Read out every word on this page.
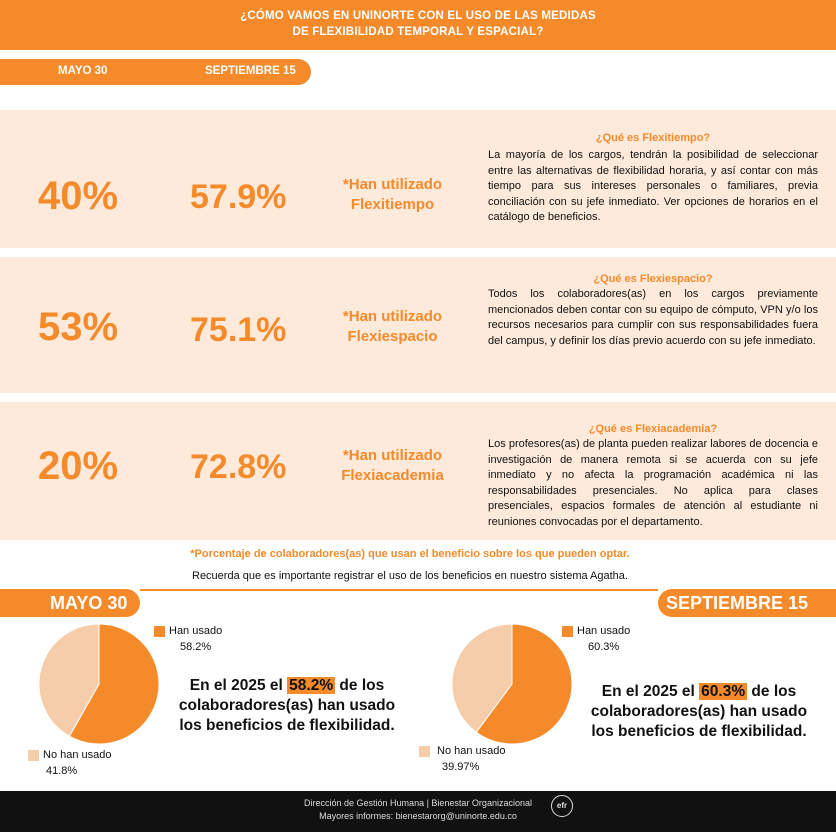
¿CÓMO VAMOS EN UNINORTE CON EL USO DE LAS MEDIDAS
DE FLEXIBILIDAD TEMPORAL Y ESPACIAL?
MAYO 30	SEPTIEMBRE 15
40% 57.9%	*Han utilizado
Flexitiempo
¿Qué es Flexitiempo?
La mayoría de los cargos, tendrán la posibilidad de seleccionar entre las alternativas de flexibilidad horaria, y así contar con más tiempo para sus intereses personales o familiares, previa conciliación con su jefe inmediato. Ver opciones de horarios en el catálogo de beneficios.
53% 75.1%	*Han utilizado
Flexiespacio
¿Qué es Flexiespacio?
Todos los colaboradores(as) en los cargos previamente mencionados deben contar con su equipo de cómputo, VPN y/o los recursos necesarios para cumplir con sus responsabilidades fuera del campus, y definir los días previo acuerdo con su jefe inmediato.
20% 72.8%	*Han utilizado
Flexiacademia
¿Qué es Flexiacademia?
Los profesores(as) de planta pueden realizar labores de docencia e investigación de manera remota si se acuerda con su jefe inmediato y no afecta la programación académica ni las responsabilidades presenciales. No aplica para clases presenciales, espacios formales de atención al estudiante ni reuniones convocadas por el departamento.
*Porcentaje de colaboradores(as) que usan el beneficio sobre los que pueden optar.
Recuerda que es importante registrar el uso de los beneficios en nuestro sistema Agatha.
MAYO 30	SEPTIEMBRE 15
Han usado
58.2%
No han usado
41.8%
Han usado
60.3%
No han usado
39.97%
En el 2025 el 58.2% de los
colaboradores(as) han usado
los beneficios de flexibilidad.
En el 2025 el 60.3% de los
colaboradores(as) han usado
los beneficios de flexibilidad.
Dirección de Gestión Humana | Bienestar Organizacional
Mayores informes: bienestarorg@uninorte.edu.co
efr
